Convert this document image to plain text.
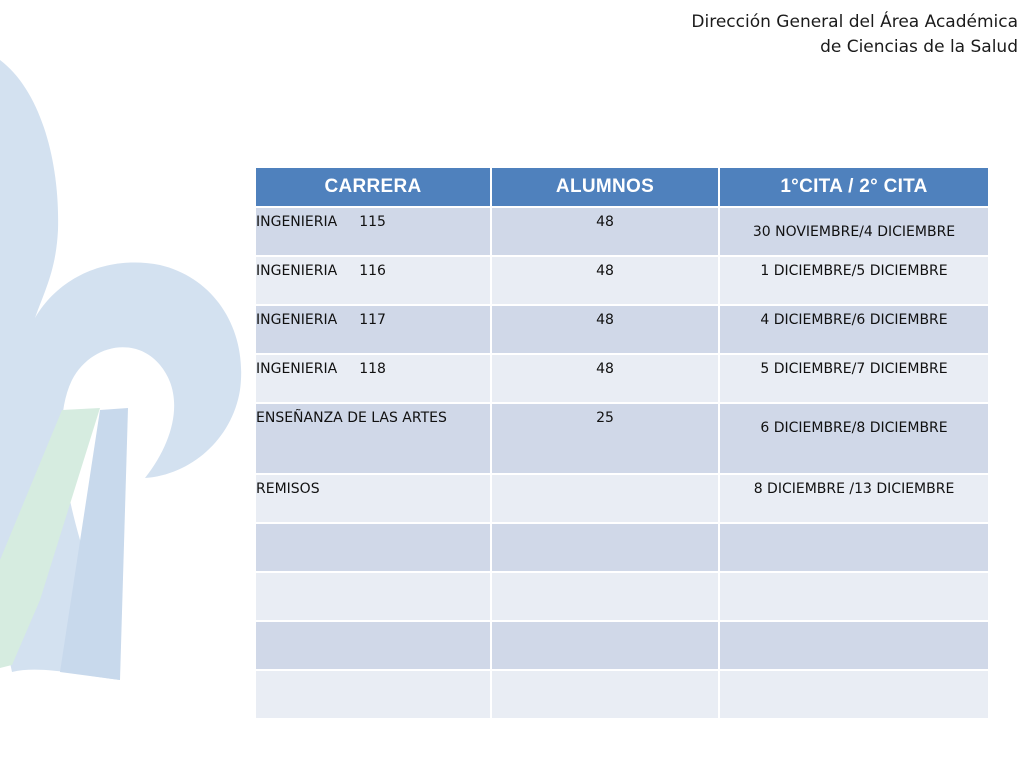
Dirección General del Área Académica
de Ciencias de la Salud
CARRERA	ALUMNOS	1°CITA / 2° CITA
INGENIERIA 115	48	30 NOVIEMBRE/4 DICIEMBRE
INGENIERIA 116	48	1 DICIEMBRE/5 DICIEMBRE
INGENIERIA 117	48	4 DICIEMBRE/6 DICIEMBRE
INGENIERIA 118	48	5 DICIEMBRE/7 DICIEMBRE
ENSEÑANZA DE LAS ARTES	25	6 DICIEMBRE/8 DICIEMBRE
REMISOS		8 DICIEMBRE /13 DICIEMBRE
